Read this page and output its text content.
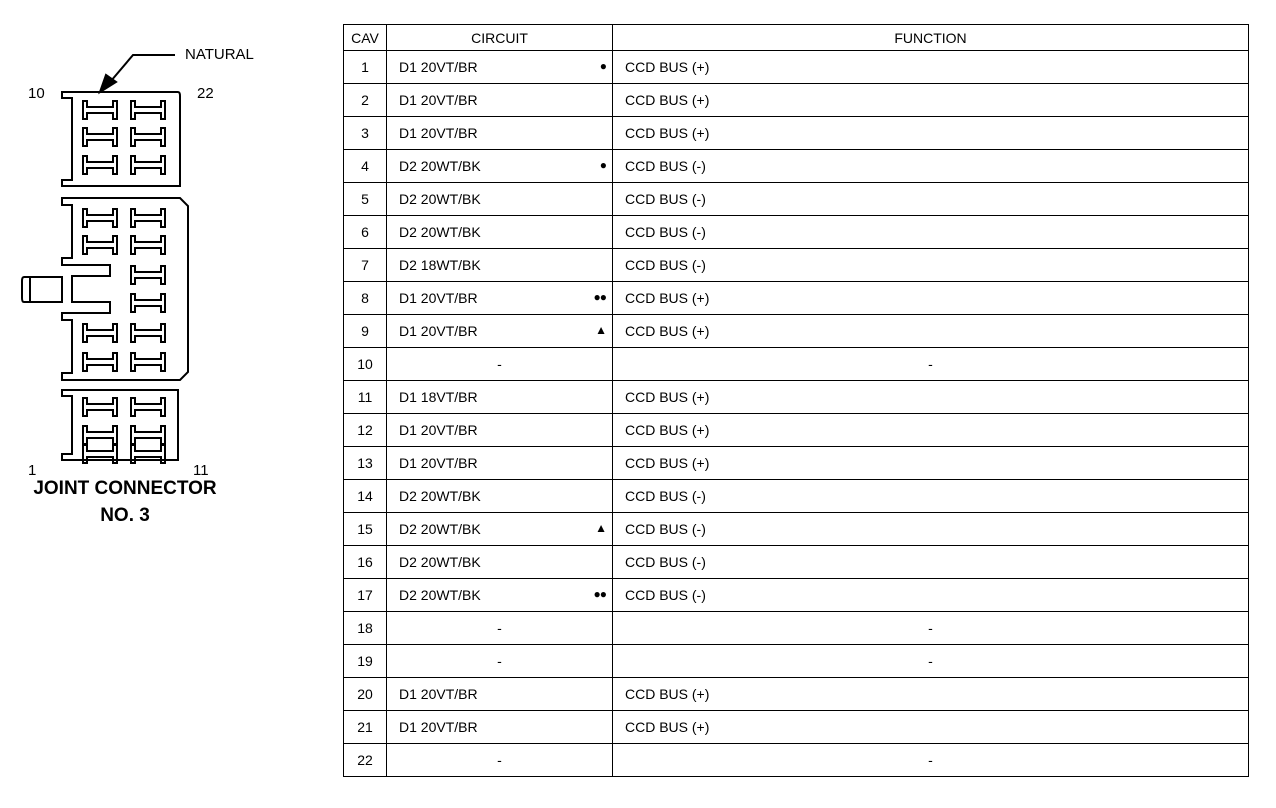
NATURAL
10	22
1	11
JOINT CONNECTOR
NO. 3
CAV	CIRCUIT	FUNCTION
1	D1 20VT/BR ●	CCD BUS (+)
2	D1 20VT/BR	CCD BUS (+)
3	D1 20VT/BR	CCD BUS (+)
4	D2 20WT/BK ●	CCD BUS (-)
5	D2 20WT/BK	CCD BUS (-)
6	D2 20WT/BK	CCD BUS (-)
7	D2 18WT/BK	CCD BUS (-)
8	D1 20VT/BR ●●	CCD BUS (+)
9	D1 20VT/BR ▲	CCD BUS (+)
10	-	-
11	D1 18VT/BR	CCD BUS (+)
12	D1 20VT/BR	CCD BUS (+)
13	D1 20VT/BR	CCD BUS (+)
14	D2 20WT/BK	CCD BUS (-)
15	D2 20WT/BK ▲	CCD BUS (-)
16	D2 20WT/BK	CCD BUS (-)
17	D2 20WT/BK ●●	CCD BUS (-)
18	-	-
19	-	-
20	D1 20VT/BR	CCD BUS (+)
21	D1 20VT/BR	CCD BUS (+)
22	-	-
